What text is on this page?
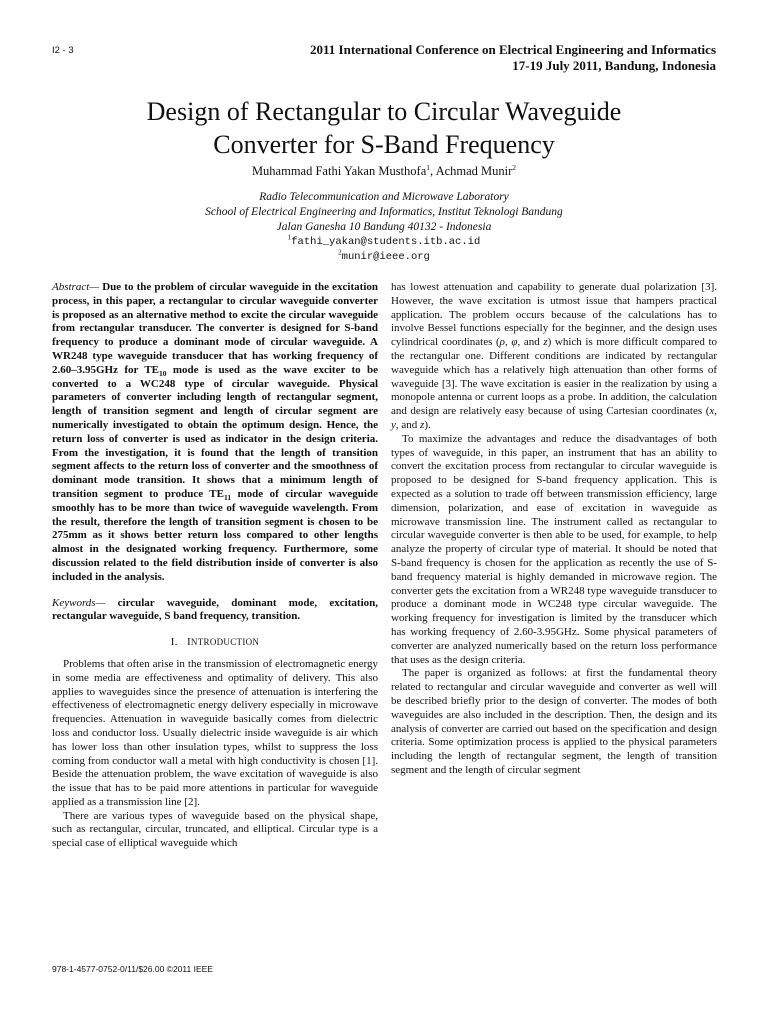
I2 - 3	2011 International Conference on Electrical Engineering and Informatics
17-19 July 2011, Bandung, Indonesia
Design of Rectangular to Circular Waveguide
Converter for S-Band Frequency
Muhammad Fathi Yakan Musthofa$^1$, Achmad Munir$^2$
Radio Telecommunication and Microwave Laboratory
School of Electrical Engineering and Informatics, Institut Teknologi Bandung
Jalan Ganesha 10 Bandung 40132 - Indonesia
$^1$fathi_yakan@students.itb.ac.id
$^2$munir@ieee.org

Abstract— Due to the problem of circular waveguide in the excitation process, in this paper, a rectangular to circular waveguide converter is proposed as an alternative method to excite the circular waveguide from rectangular transducer. The converter is designed for S-band frequency to produce a dominant mode of circular waveguide. A WR248 type waveguide transducer that has working frequency of 2.60–3.95GHz for $TE_{10}$ mode is used as the wave exciter to be converted to a WC248 type of circular waveguide. Physical parameters of converter including length of rectangular segment, length of transition segment and length of circular segment are numerically investigated to obtain the optimum design. Hence, the return loss of converter is used as indicator in the design criteria. From the investigation, it is found that the length of transition segment affects to the return loss of converter and the smoothness of dominant mode transition. It shows that a minimum length of transition segment to produce $TE_{11}$ mode of circular waveguide smoothly has to be more than twice of waveguide wavelength. From the result, therefore the length of transition segment is chosen to be 275mm as it shows better return loss compared to other lengths almost in the designated working frequency. Furthermore, some discussion related to the field distribution inside of converter is also included in the analysis.

Keywords— circular waveguide, dominant mode, excitation, rectangular waveguide, S band frequency, transition.

I. INTRODUCTION

Problems that often arise in the transmission of electromagnetic energy in some media are effectiveness and optimality of delivery. This also applies to waveguides since the presence of attenuation is interfering the effectiveness of electromagnetic energy delivery especially in microwave frequencies. Attenuation in waveguide basically comes from dielectric loss and conductor loss. Usually dielectric inside waveguide is air which has lower loss than other insulation types, whilst to suppress the loss coming from conductor wall a metal with high conductivity is chosen [1]. Beside the attenuation problem, the wave excitation of waveguide is also the issue that has to be paid more attentions in particular for waveguide applied as a transmission line [2].

There are various types of waveguide based on the physical shape, such as rectangular, circular, truncated, and elliptical. Circular type is a special case of elliptical waveguide which

has lowest attenuation and capability to generate dual polarization [3]. However, the wave excitation is utmost issue that hampers practical application. The problem occurs because of the calculations has to involve Bessel functions especially for the beginner, and the design uses cylindrical coordinates (ρ, φ, and z) which is more difficult compared to the rectangular one. Different conditions are indicated by rectangular waveguide which has a relatively high attenuation than other forms of waveguide [3]. The wave excitation is easier in the realization by using a monopole antenna or current loops as a probe. In addition, the calculation and design are relatively easy because of using Cartesian coordinates (x, y, and z).

To maximize the advantages and reduce the disadvantages of both types of waveguide, in this paper, an instrument that has an ability to convert the excitation process from rectangular to circular waveguide is proposed to be designed for S-band frequency application. This is expected as a solution to trade off between transmission efficiency, large dimension, polarization, and ease of excitation in waveguide as microwave transmission line. The instrument called as rectangular to circular waveguide converter is then able to be used, for example, to help analyze the property of circular type of material. It should be noted that S-band frequency is chosen for the application as recently the use of S-band frequency material is highly demanded in microwave region. The converter gets the excitation from a WR248 type waveguide transducer to produce a dominant mode in WC248 type circular waveguide. The working frequency for investigation is limited by the transducer which has working frequency of 2.60-3.95GHz. Some physical parameters of converter are analyzed numerically based on the return loss performance that uses as the design criteria.

The paper is organized as follows: at first the fundamental theory related to rectangular and circular waveguide and converter as well will be described briefly prior to the design of converter. The modes of both waveguides are also included in the description. Then, the design and its analysis of converter are carried out based on the specification and design criteria. Some optimization process is applied to the physical parameters including the length of rectangular segment, the length of transition segment and the length of circular segment

978-1-4577-0752-0/11/$26.00 ©2011 IEEE
